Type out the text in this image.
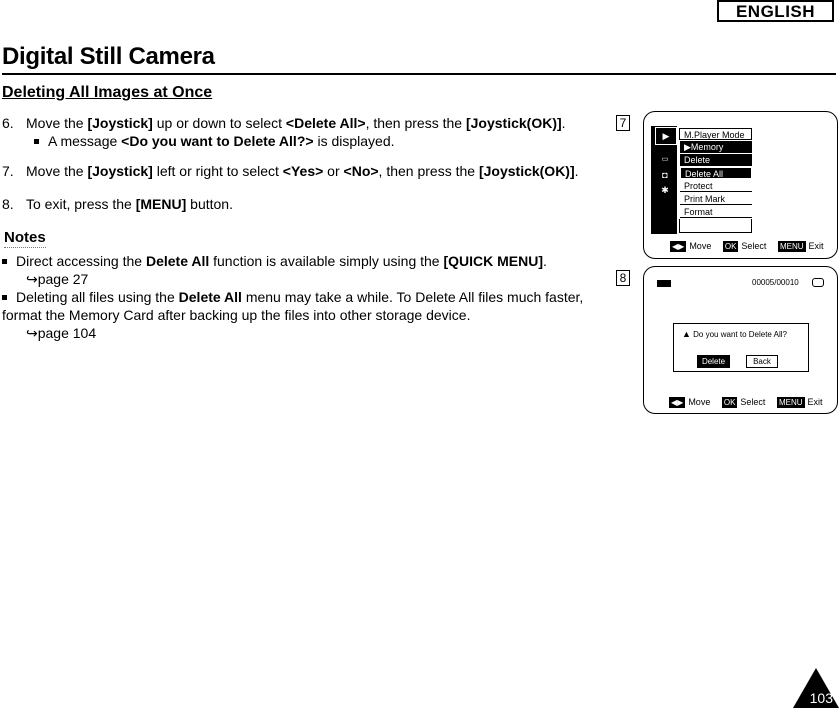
ENGLISH
Digital Still Camera
Deleting All Images at Once
6. Move the [Joystick] up or down to select <Delete All>, then press the [Joystick(OK)].	7
A message <Do you want to Delete All?> is displayed.
7. Move the [Joystick] left or right to select <Yes> or <No>, then press the [Joystick(OK)].
8. To exit, press the [MENU] button.
Notes
Direct accessing the Delete All function is available simply using the [QUICK MENU].
↪page 27	8
Deleting all files using the Delete All menu may take a while. To Delete All files much faster, format the Memory Card after backing up the files into other storage device.
↪page 104
▶
▭
◘
✱
M.Player Mode
▶Memory
Delete
Delete All
Protect
Print Mark
Format
◀▶ Move OK Select MENU Exit
00005/00010
▲ Do you want to Delete All?
Delete	Back
◀▶ Move OK Select MENU Exit
103
